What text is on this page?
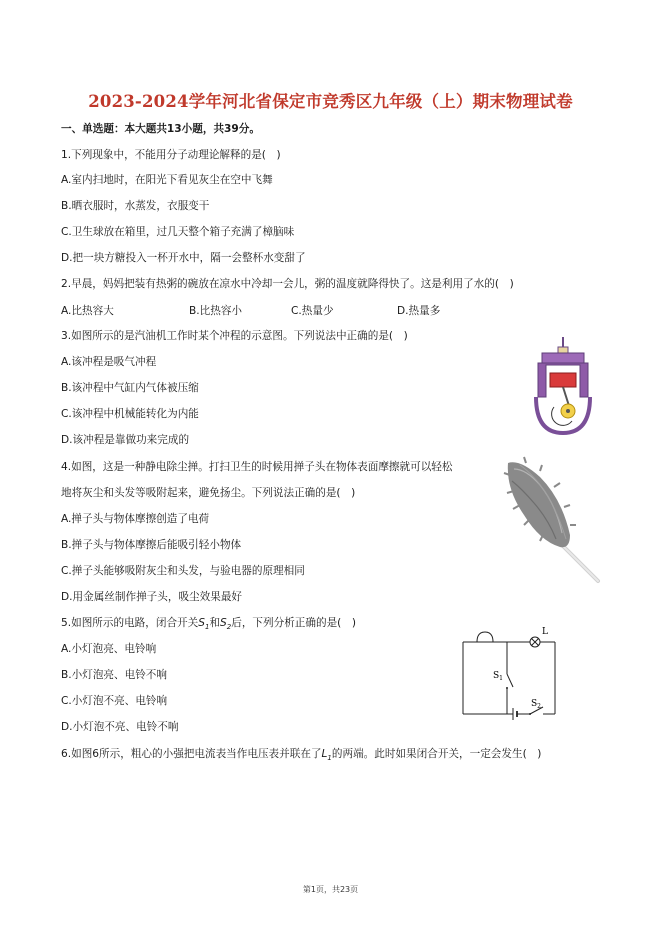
2023-2024学年河北省保定市竞秀区九年级（上）期末物理试卷
一、单选题：本大题共13小题，共39分。
1.下列现象中，不能用分子动理论解释的是(　)
A.室内扫地时，在阳光下看见灰尘在空中飞舞
B.晒衣服时，水蒸发，衣服变干
C.卫生球放在箱里，过几天整个箱子充满了樟脑味
D.把一块方糖投入一杯开水中，隔一会整杯水变甜了
2.早晨，妈妈把装有热粥的碗放在凉水中冷却一会儿，粥的温度就降得快了。这是利用了水的(　)
A.比热容大	B.比热容小	C.热量少	D.热量多
3.如图所示的是汽油机工作时某个冲程的示意图。下列说法中正确的是(　)
A.该冲程是吸气冲程
B.该冲程中气缸内气体被压缩
C.该冲程中机械能转化为内能
D.该冲程是靠做功来完成的
4.如图，这是一种静电除尘掸。打扫卫生的时候用掸子头在物体表面摩擦就可以轻松
地将灰尘和头发等吸附起来，避免扬尘。下列说法正确的是(　)
A.掸子头与物体摩擦创造了电荷
B.掸子头与物体摩擦后能吸引轻小物体
C.掸子头能够吸附灰尘和头发，与验电器的原理相同
D.用金属丝制作掸子头，吸尘效果最好
5.如图所示的电路，闭合开关$S_1$和$S_2$后，下列分析正确的是(　)
A.小灯泡亮、电铃响
B.小灯泡亮、电铃不响
C.小灯泡不亮、电铃响
D.小灯泡不亮、电铃不响
L
$S_1$
$S_2$
6.如图6所示，粗心的小强把电流表当作电压表并联在了$L_1$的两端。此时如果闭合开关，一定会发生(　)
第1页，共23页
